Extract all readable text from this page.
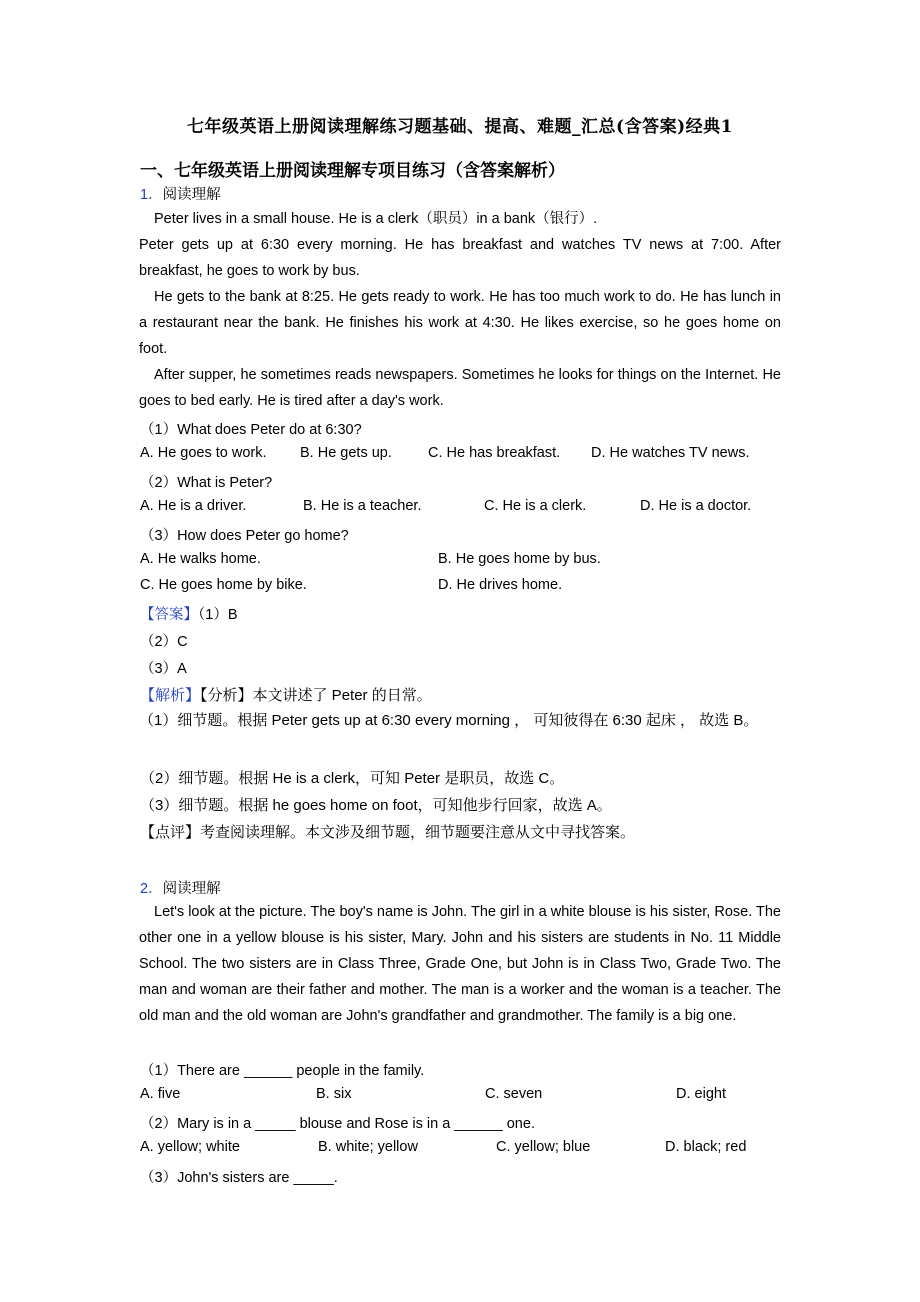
七年级英语上册阅读理解练习题基础、提高、难题_汇总(含答案)经典1
一、七年级英语上册阅读理解专项目练习（含答案解析）
1．阅读理解
Peter lives in a small house. He is a clerk（职员）in a bank（银行）.
Peter gets up at 6:30 every morning. He has breakfast and watches TV news at 7:00. After breakfast, he goes to work by bus.
He gets to the bank at 8:25. He gets ready to work. He has too much work to do. He has lunch in a restaurant near the bank. He finishes his work at 4:30. He likes exercise, so he goes home on foot.
After supper, he sometimes reads newspapers. Sometimes he looks for things on the Internet. He goes to bed early. He is tired after a day's work.
（1）What does Peter do at 6:30?
A. He goes to work. B. He gets up. C. He has breakfast. D. He watches TV news.
（2）What is Peter?
A. He is a driver.	B. He is a teacher.	C. He is a clerk.	D. He is a doctor.
（3）How does Peter go home?
A. He walks home.	B. He goes home by bus.
C. He goes home by bike.	D. He drives home.
【答案】（1）B
（2）C
（3）A
【解析】【分析】本文讲述了 Peter 的日常。
（1）细节题。根据 Peter gets up at 6:30 every morning ， 可知彼得在 6:30 起床 ， 故选 B。
（2）细节题。根据 He is a clerk，可知 Peter 是职员，故选 C。
（3）细节题。根据 he goes home on foot，可知他步行回家，故选 A。
【点评】考查阅读理解。本文涉及细节题，细节题要注意从文中寻找答案。
2．阅读理解
Let's look at the picture. The boy's name is John. The girl in a white blouse is his sister, Rose. The other one in a yellow blouse is his sister, Mary. John and his sisters are students in No. 11 Middle School. The two sisters are in Class Three, Grade One, but John is in Class Two, Grade Two. The man and woman are their father and mother. The man is a worker and the woman is a teacher. The old man and the old woman are John's grandfather and grandmother. The family is a big one.
（1）There are ______ people in the family.
A. five	B. six	C. seven	D. eight
（2）Mary is in a _____ blouse and Rose is in a ______ one.
A. yellow; white	B. white; yellow	C. yellow; blue	D. black; red
（3）John's sisters are _____.
